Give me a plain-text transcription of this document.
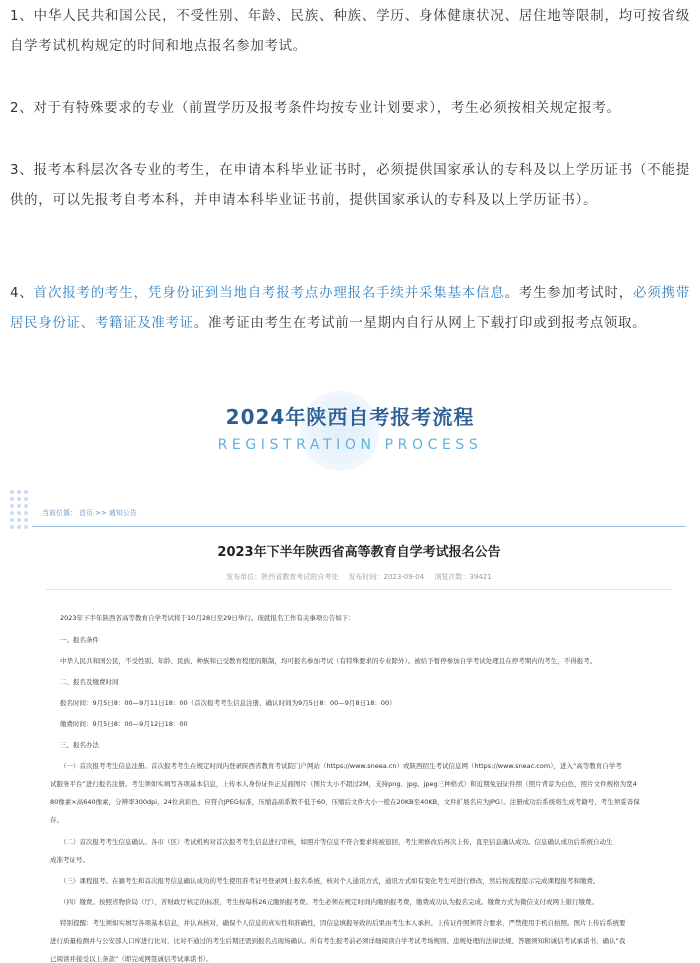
1、中华人民共和国公民，不受性别、年龄、民族、种族、学历、身体健康状况、居住地等限制，均可按省级自学考试机构规定的时间和地点报名参加考试。

2、对于有特殊要求的专业（前置学历及报考条件均按专业计划要求），考生必须按相关规定报考。

3、报考本科层次各专业的考生，在申请本科毕业证书时，必须提供国家承认的专科及以上学历证书（不能提供的，可以先报考自考本科，并申请本科毕业证书前，提供国家承认的专科及以上学历证书）。

4、首次报考的考生，凭身份证到当地自考报考点办理报名手续并采集基本信息。考生参加考试时，必须携带居民身份证、考籍证及准考证。准考证由考生在考试前一星期内自行从网上下载打印或到报考点领取。

2024年陕西自考报考流程
REGISTRATION PROCESS
当前位置： 首页 >> 通知公告
2023年下半年陕西省高等教育自学考试报名公告
发布单位：陕西省教育考试院自考处 发布时间：2023-09-04 浏览次数：39421
2023年下半年陕西省高等教育自学考试将于10月28日至29日举行。现就报名工作有关事项公告如下：
一、报名条件
中华人民共和国公民，不受性别、年龄、民族、种族和已受教育程度的限制，均可报名参加考试（有特殊要求的专业除外）。被给予暂停参加自学考试处理且在停考期内的考生，不得报考。
二、报名及缴费时间
报名时间：9月5日8：00—9月11日18：00（首次报考考生信息注册、确认时间为9月5日8：00—9月8日18：00）
缴费时间：9月5日8：00—9月12日18：00
三、报名办法
（一）首次报考考生信息注册。首次报考考生在规定时间内登录陕西省教育考试院门户网站（https://www.sneea.cn）或陕西招生考试信息网（https://www.sneac.com），进入“高等教育自学考
试服务平台”进行报名注册。考生须如实填写各项基本信息，上传本人身份证件正反面图片（图片大小不超过2M，支持png、jpg、jpeg三种格式）和近期免冠证件照（照片背景为白色，照片文件规格为宽4
80像素×高640像素，分辨率300dpi，24位真彩色，应符合JPEG标准，压缩品质系数不低于60，压缩后文件大小一般在20KB至40KB，文件扩展名应为JPG）。注册成功后系统将生成考籍号，考生须妥善保
存。
（二）首次报考考生信息确认。各市（区）考试机构对首次报考考生信息进行审核，如照片等信息不符合要求将被退回，考生须修改后再次上传，直至信息确认成功。信息确认成功后系统自动生
成准考证号。
（三）课程报考。在籍考生和首次报考信息确认成功的考生使用准考证号登录网上报名系统，核对个人通讯方式，通讯方式如有变化考生可进行修改，然后按流程提示完成课程报考和缴费。
（四）缴费。按照省物价局（厅）、省财政厅核定的标准，考生按每科26元缴纳报考费。考生必须在规定时间内缴纳报考费，缴费成功认为报名完成。缴费方式为微信支付或网上银行缴费。
特别提醒：考生须如实填写各项基本信息，并认真核对，确保个人信息的真实性和准确性，因信息填报导致的后果由考生本人承担。上传证件照须符合要求，严禁使用手机自拍照。图片上传后系统要
进行质量检测并与公安部人口库进行比对，比对不通过的考生后期还需到报名点现场确认。所有考生报考前必须详细阅读自学考试考场规则、违规处理的法律法规、答题须知和诚信考试承诺书，确认“我
已阅读并接受以上条款”（即完成网签诚信考试承诺书）。
